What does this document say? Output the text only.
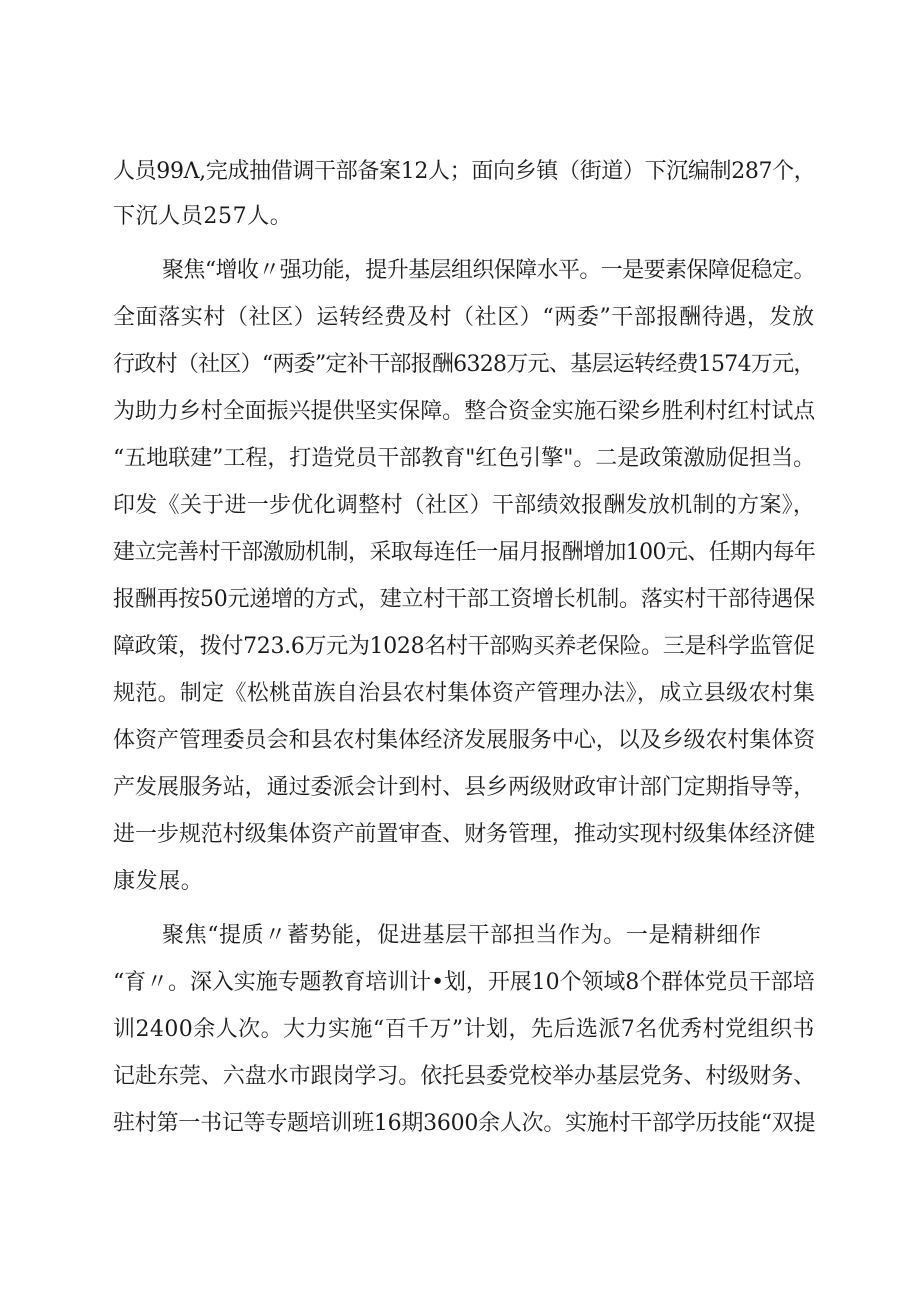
人员99Λ,完成抽借调干部备案12人；面向乡镇（街道）下沉编制287个，
下沉人员257人。
聚焦“增收〃强功能，提升基层组织保障水平。一是要素保障促稳定。
全面落实村（社区）运转经费及村（社区）“两委”干部报酬待遇，发放
行政村（社区）“两委”定补干部报酬6328万元、基层运转经费1574万元，
为助力乡村全面振兴提供坚实保障。整合资金实施石梁乡胜利村红村试点
“五地联建”工程，打造党员干部教育"红色引擎"。二是政策激励促担当。
印发《关于进一步优化调整村（社区）干部绩效报酬发放机制的方案》，
建立完善村干部激励机制，采取每连任一届月报酬增加100元、任期内每年
报酬再按50元递增的方式，建立村干部工资增长机制。落实村干部待遇保
障政策，拨付723.6万元为1028名村干部购买养老保险。三是科学监管促
规范。制定《松桃苗族自治县农村集体资产管理办法》，成立县级农村集
体资产管理委员会和县农村集体经济发展服务中心，以及乡级农村集体资
产发展服务站，通过委派会计到村、县乡两级财政审计部门定期指导等，
进一步规范村级集体资产前置审查、财务管理，推动实现村级集体经济健
康发展。
聚焦“提质〃蓄势能，促进基层干部担当作为。一是精耕细作
“育〃。深入实施专题教育培训计•划，开展10个领域8个群体党员干部培
训2400余人次。大力实施“百千万”计划，先后选派7名优秀村党组织书
记赴东莞、六盘水市跟岗学习。依托县委党校举办基层党务、村级财务、
驻村第一书记等专题培训班16期3600余人次。实施村干部学历技能“双提
